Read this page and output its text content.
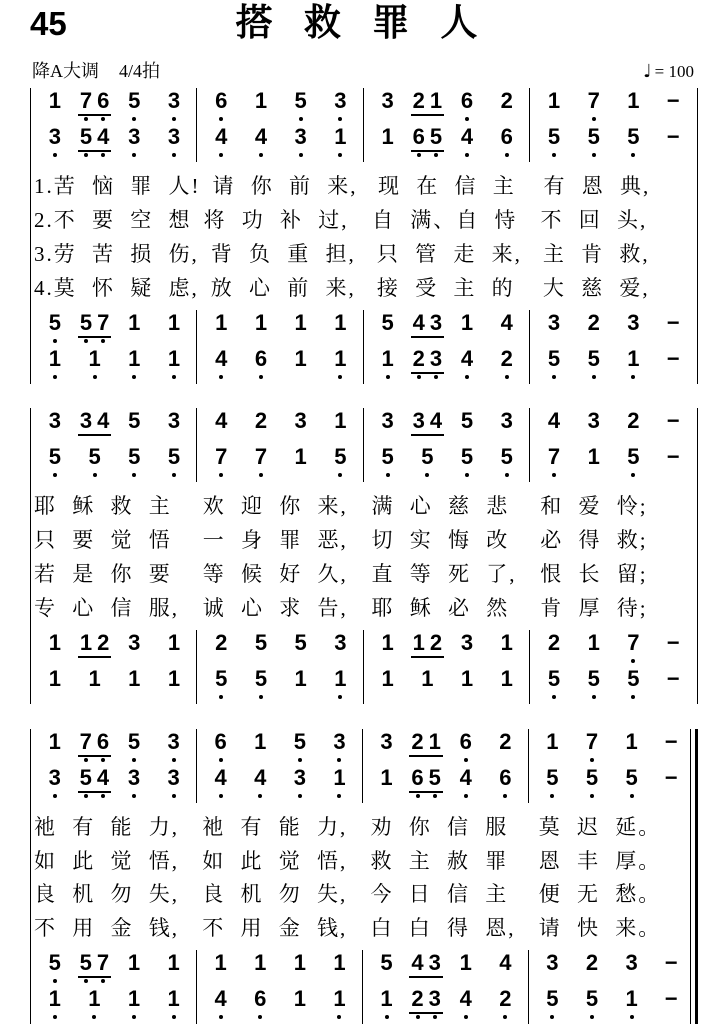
45	搭 救 罪 人
降A大调 4/4拍	♩ = 100
1 7 6 5 3
3 5 4 3 3
6 1 5 3
4 4 3 1
3 2 1 6 2
1 6 5 4 6
1 7 1 −
5 5 5 −
1.苦 恼 罪 人! 请 你 前 来, 现 在 信 主	有 恩 典,
2.不 要 空 想 将 功 补 过,	自 满、自 恃	不 回 头,
3.劳 苦 损 伤, 背 负 重 担,	只 管 走 来,	主 肯 救,
4.莫 怀 疑 虑, 放 心 前 来,	接 受 主 的	大 慈 爱,
5 5 7 1 1
1 1 1 1
1 1 1 1
4 6 1 1
5 4 3 1 4
1 2 3 4 2
3 2 3 −
5 5 1 −
3 3 4 5 3
5 5 5 5
4 2 3 1
7 7 1 5
3 3 4 5 3
5 5 5 5
4 3 2 −
7 1 5 −
耶 稣 救 主	欢 迎 你 来,	满 心 慈 悲	和 爱 怜;
只 要 觉 悟	一 身 罪 恶,	切 实 悔 改	必 得 救;
若 是 你 要	等 候 好 久,	直 等 死 了,	恨 长 留;
专 心 信 服,	诚 心 求 告,	耶 稣 必 然	肯 厚 待;
1 1 2 3 1
1 1 1 1
2 5 5 3
5 5 1 1
1 1 2 3 1
1 1 1 1
2 1 7 −
5 5 5 −
1 7 6 5 3
3 5 4 3 3
6 1 5 3
4 4 3 1
3 2 1 6 2
1 6 5 4 6
1 7 1 −
5 5 5 −
祂 有 能 力,	祂 有 能 力,	劝 你 信 服	莫 迟 延。
如 此 觉 悟,	如 此 觉 悟,	救 主 赦 罪	恩 丰 厚。
良 机 勿 失,	良 机 勿 失,	今 日 信 主	便 无 愁。
不 用 金 钱,	不 用 金 钱,	白 白 得 恩,	请 快 来。
5 5 7 1 1
1 1 1 1
1 1 1 1
4 6 1 1
5 4 3 1 4
1 2 3 4 2
3 2 3 −
5 5 1 −
